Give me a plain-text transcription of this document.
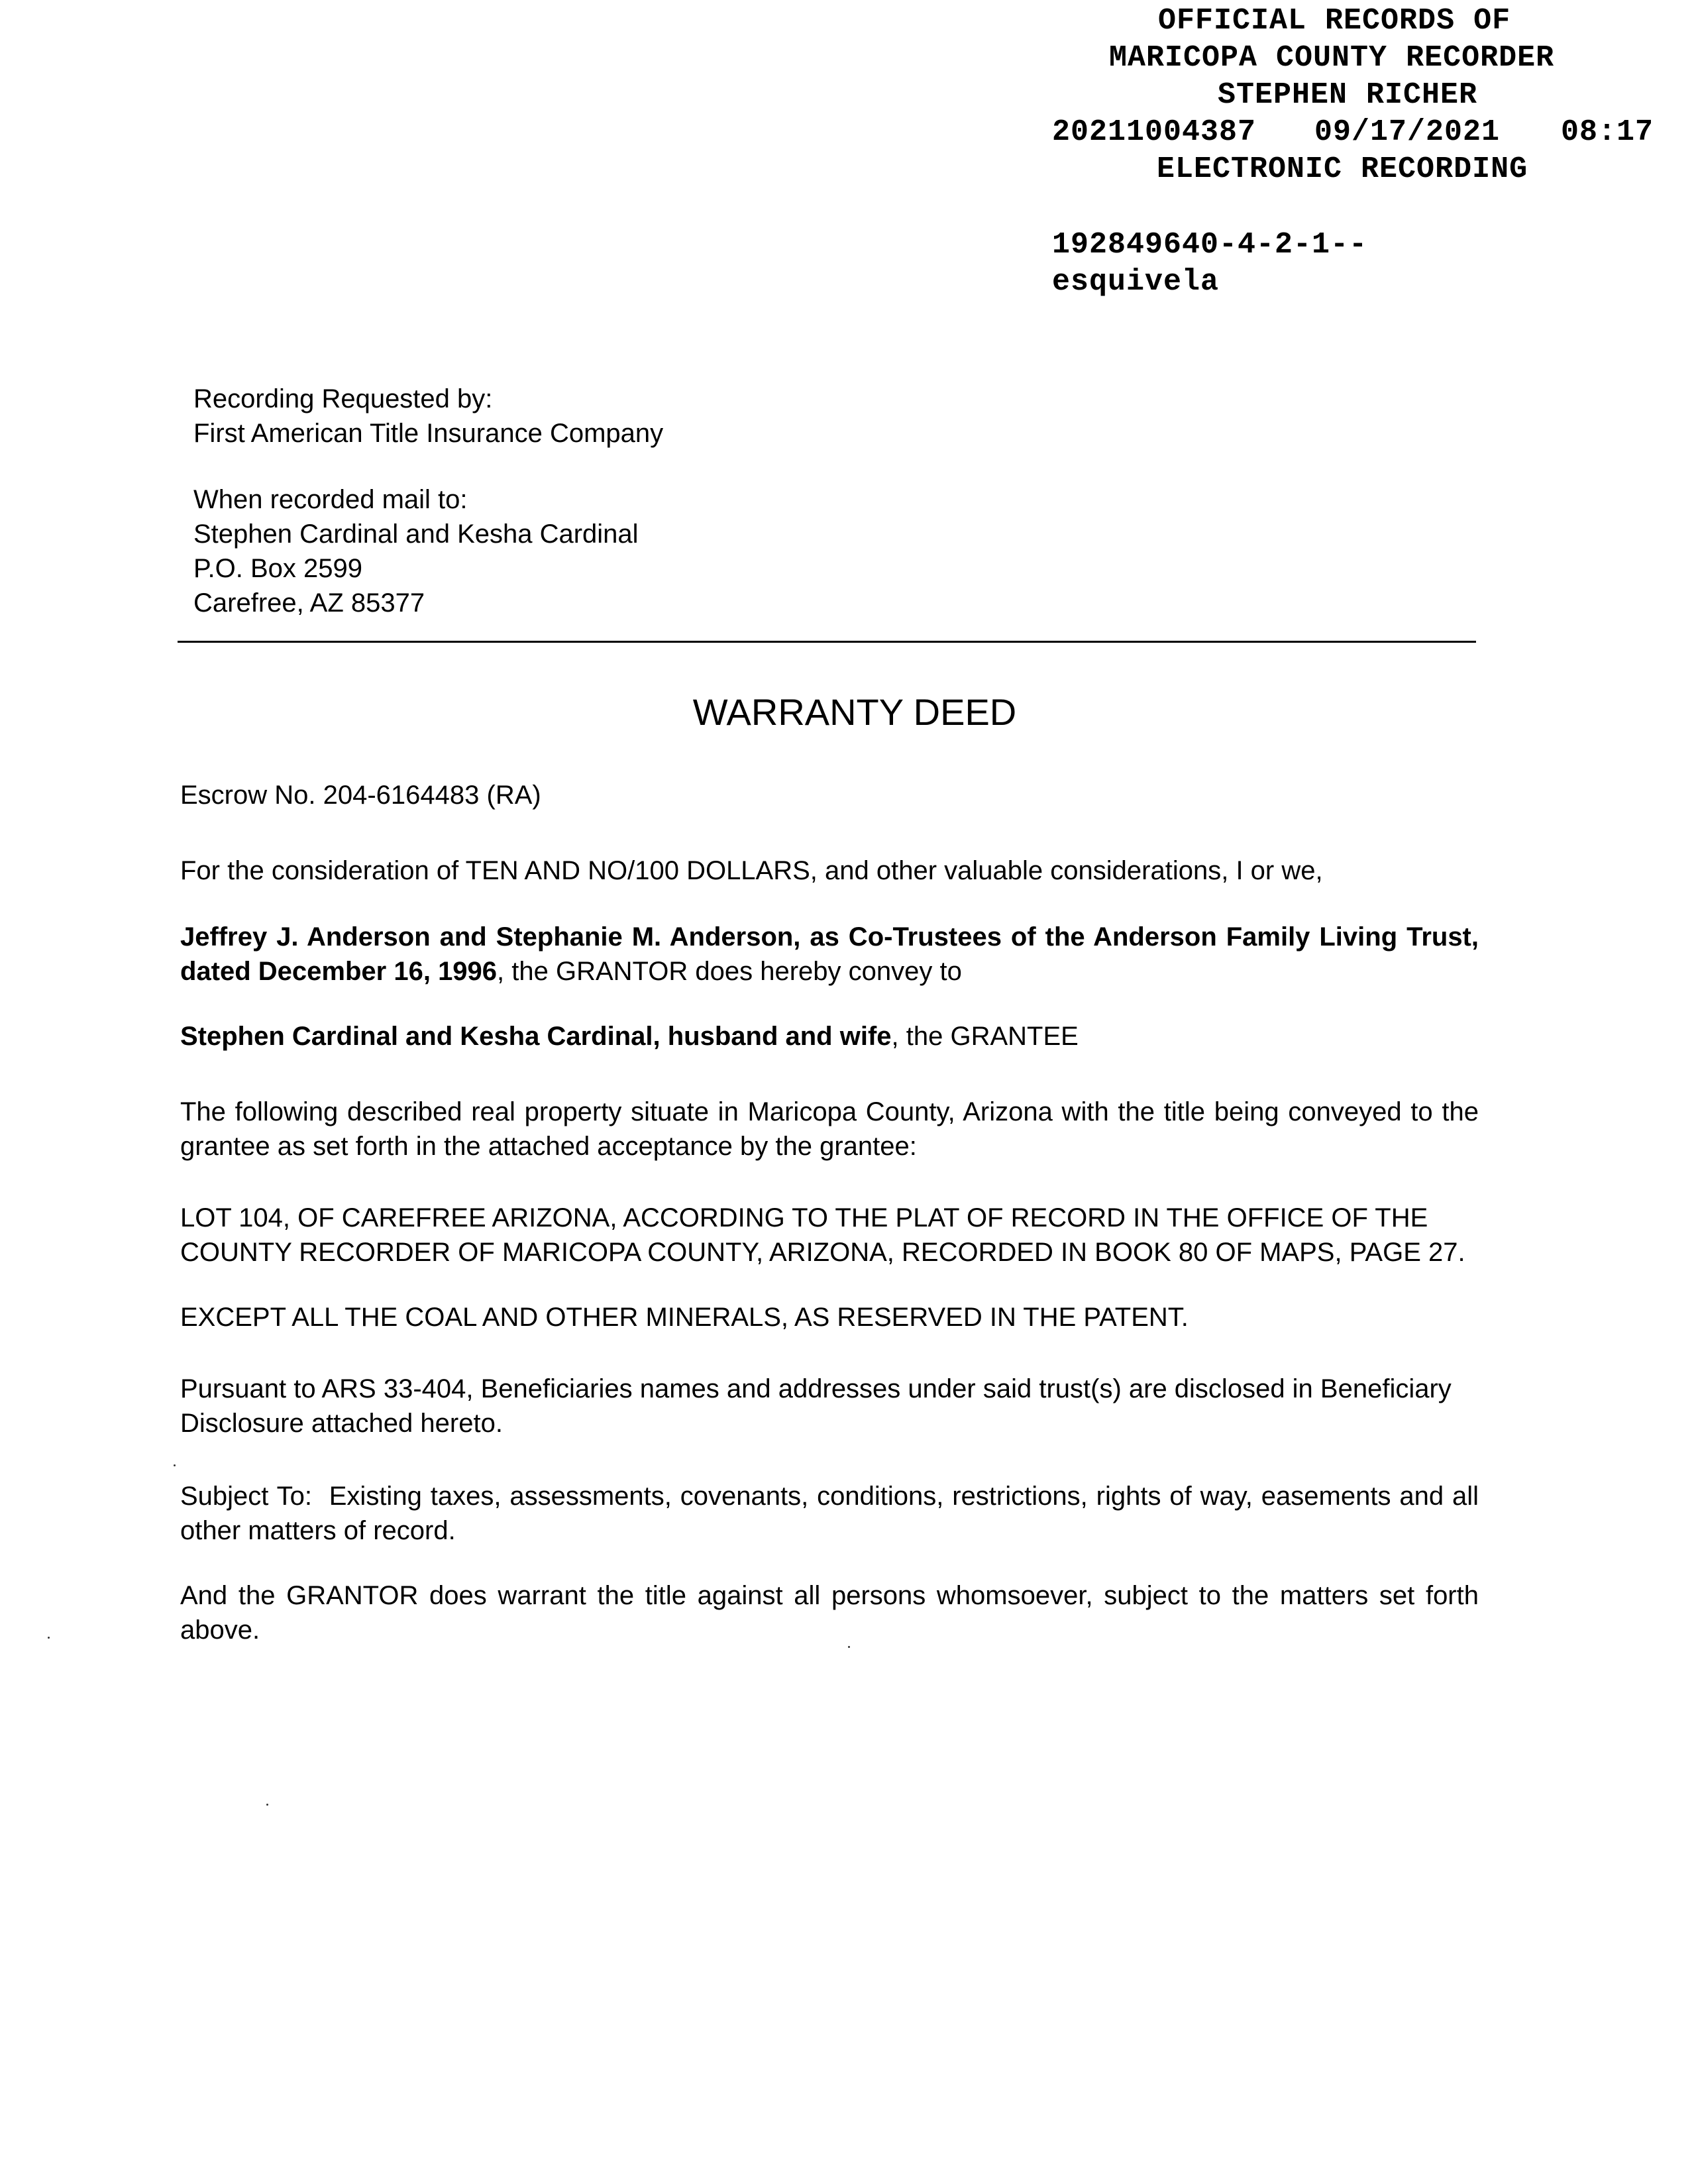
OFFICIAL RECORDS OF
MARICOPA COUNTY RECORDER
STEPHEN RICHER
20211004387 09/17/2021 08:17
ELECTRONIC RECORDING
192849640-4-2-1--
esquivela
Recording Requested by:
First American Title Insurance Company
When recorded mail to:
Stephen Cardinal and Kesha Cardinal
P.O. Box 2599
Carefree, AZ 85377
WARRANTY DEED
Escrow No. 204-6164483 (RA)
For the consideration of TEN AND NO/100 DOLLARS, and other valuable considerations, I or we,
Jeffrey J. Anderson and Stephanie M. Anderson, as Co-Trustees of the Anderson Family Living Trust, dated December 16, 1996, the GRANTOR does hereby convey to
Stephen Cardinal and Kesha Cardinal, husband and wife, the GRANTEE
The following described real property situate in Maricopa County, Arizona with the title being conveyed to the grantee as set forth in the attached acceptance by the grantee:
LOT 104, OF CAREFREE ARIZONA, ACCORDING TO THE PLAT OF RECORD IN THE OFFICE OF THE COUNTY RECORDER OF MARICOPA COUNTY, ARIZONA, RECORDED IN BOOK 80 OF MAPS, PAGE 27.
EXCEPT ALL THE COAL AND OTHER MINERALS, AS RESERVED IN THE PATENT.
Pursuant to ARS 33-404, Beneficiaries names and addresses under said trust(s) are disclosed in Beneficiary Disclosure attached hereto.
Subject To:  Existing taxes, assessments, covenants, conditions, restrictions, rights of way, easements and all other matters of record.
And the GRANTOR does warrant the title against all persons whomsoever, subject to the matters set forth above.
